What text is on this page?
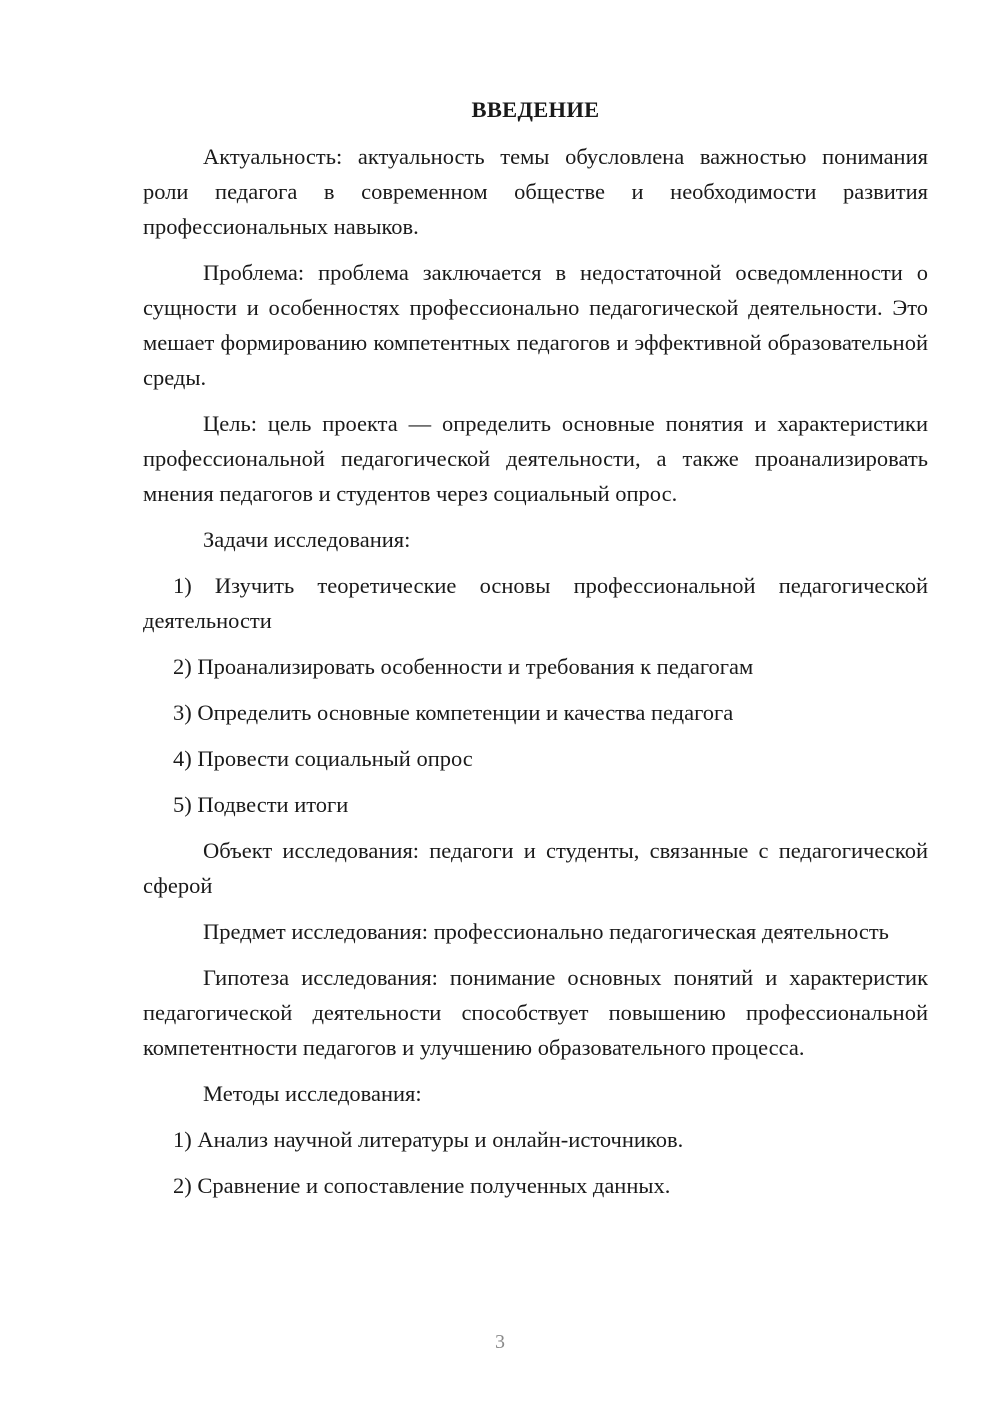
ВВЕДЕНИЕ

Актуальность: актуальность темы обусловлена важностью понимания роли педагога в современном обществе и необходимости развития профессиональных навыков.

Проблема: проблема заключается в недостаточной осведомленности о сущности и особенностях профессионально педагогической деятельности. Это мешает формированию компетентных педагогов и эффективной образовательной среды.

Цель: цель проекта — определить основные понятия и характеристики профессиональной педагогической деятельности, а также проанализировать мнения педагогов и студентов через социальный опрос.

Задачи исследования:

1) Изучить теоретические основы профессиональной педагогической деятельности

2) Проанализировать особенности и требования к педагогам

3) Определить основные компетенции и качества педагога

4) Провести социальный опрос

5) Подвести итоги

Объект исследования: педагоги и студенты, связанные с педагогической сферой

Предмет исследования: профессионально педагогическая деятельность

Гипотеза исследования: понимание основных понятий и характеристик педагогической деятельности способствует повышению профессиональной компетентности педагогов и улучшению образовательного процесса.

Методы исследования:

1) Анализ научной литературы и онлайн-источников.

2) Сравнение и сопоставление полученных данных.

3
